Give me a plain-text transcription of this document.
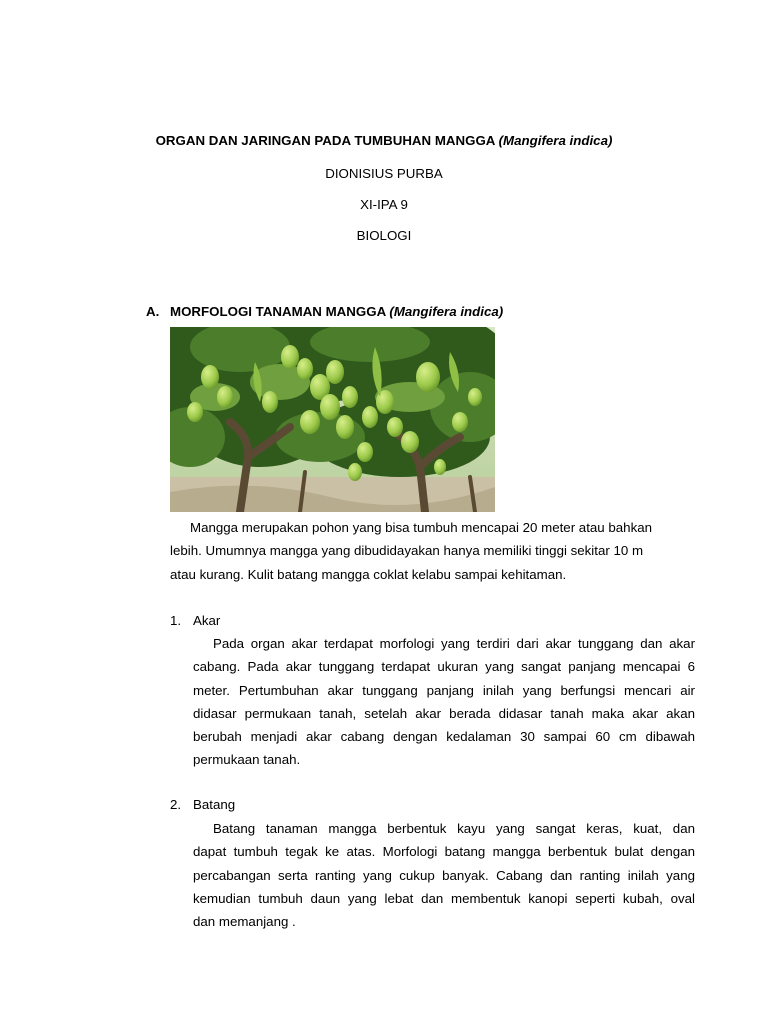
ORGAN DAN JARINGAN PADA TUMBUHAN MANGGA (Mangifera indica)
DIONISIUS PURBA
XI-IPA 9
BIOLOGI
A. MORFOLOGI TANAMAN MANGGA (Mangifera indica)
Mangga merupakan pohon yang bisa tumbuh mencapai 20 meter atau bahkan
lebih. Umumnya mangga yang dibudidayakan hanya memiliki tinggi sekitar 10 m
atau kurang. Kulit batang mangga coklat kelabu sampai kehitaman.
1. Akar
Pada organ akar terdapat morfologi yang terdiri dari akar tunggang dan akar
cabang. Pada akar tunggang terdapat ukuran yang sangat panjang mencapai 6
meter. Pertumbuhan akar tunggang panjang inilah yang berfungsi mencari air
didasar permukaan tanah, setelah akar berada didasar tanah maka akar akan
berubah menjadi akar cabang dengan kedalaman 30 sampai 60 cm dibawah
permukaan tanah.
2. Batang
Batang tanaman mangga berbentuk kayu yang sangat keras, kuat, dan
dapat tumbuh tegak ke atas. Morfologi batang mangga berbentuk bulat dengan
percabangan serta ranting yang cukup banyak. Cabang dan ranting inilah yang
kemudian tumbuh daun yang lebat dan membentuk kanopi seperti kubah, oval
dan memanjang .
